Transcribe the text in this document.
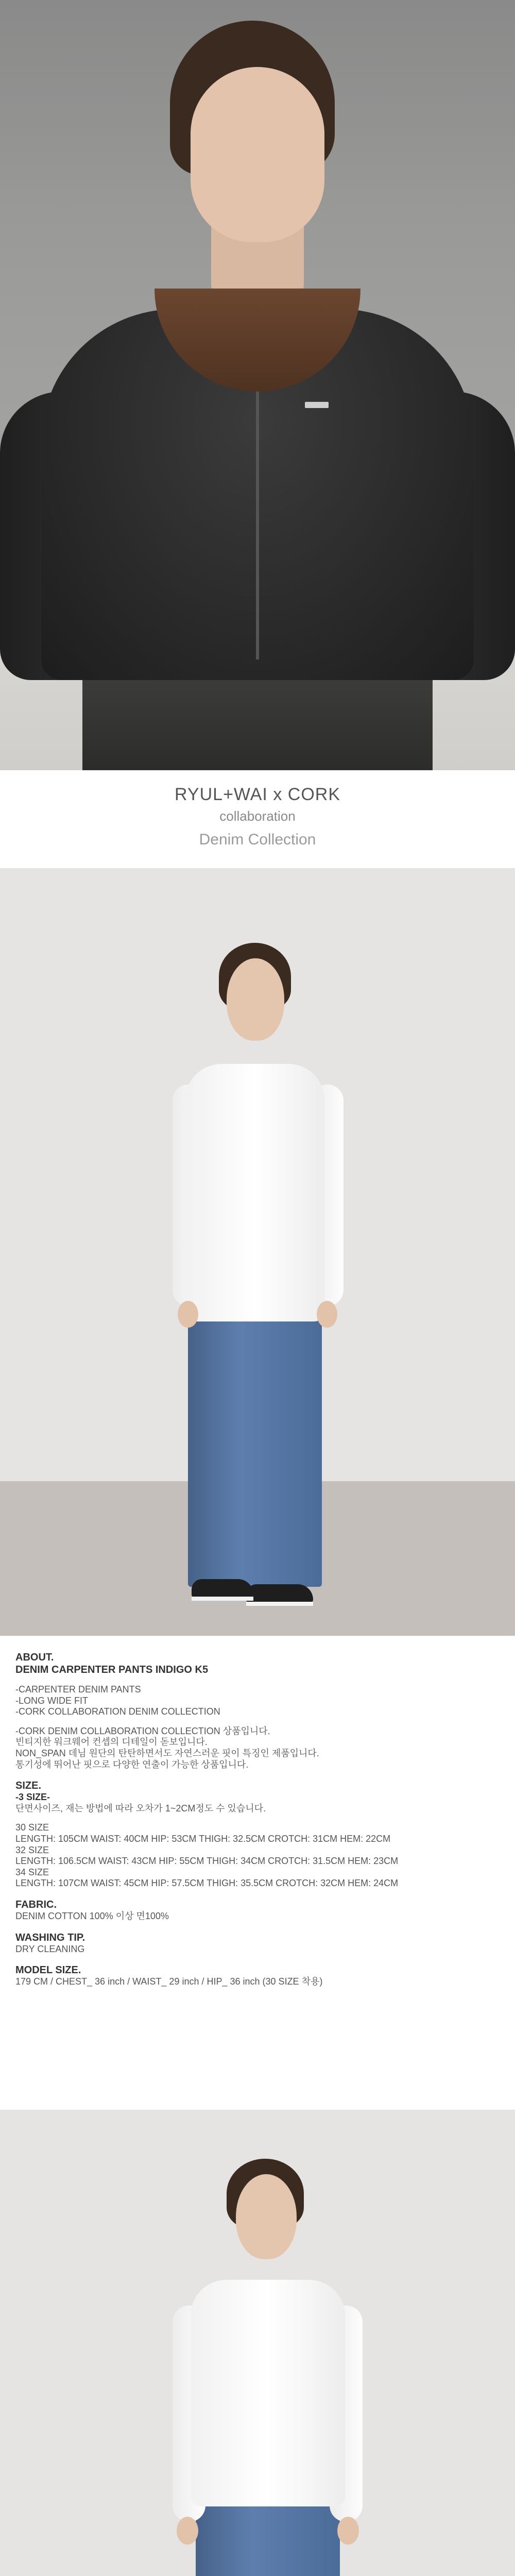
RYUL+WAI x CORK
collaboration
Denim Collection

ABOUT.

DENIM CARPENTER PANTS INDIGO K5

-CARPENTER DENIM PANTS

-LONG WIDE FIT

-CORK COLLABORATION DENIM COLLECTION

-CORK DENIM COLLABORATION COLLECTION 상품입니다.

빈티지한 워크웨어 컨셉의 디테일이 돋보입니다.

NON_SPAN 데님 원단의 탄탄하면서도 자연스러운 핏이 특징인 제품입니다.

통기성에 뛰어난 핏으로 다양한 연출이 가능한 상품입니다.

SIZE.

-3 SIZE-

단면사이즈, 재는 방법에 따라 오차가 1~2CM정도 수 있습니다.

30 SIZE

LENGTH: 105CM WAIST: 40CM HIP: 53CM THIGH: 32.5CM CROTCH: 31CM HEM: 22CM

32 SIZE

LENGTH: 106.5CM WAIST: 43CM HIP: 55CM THIGH: 34CM CROTCH: 31.5CM HEM: 23CM

34 SIZE

LENGTH: 107CM WAIST: 45CM HIP: 57.5CM THIGH: 35.5CM CROTCH: 32CM HEM: 24CM

FABRIC.

DENIM COTTON 100% 이상 면100%

WASHING TIP.

DRY CLEANING

MODEL SIZE.

179 CM / CHEST_ 36 inch / WAIST_ 29 inch / HIP_ 36 inch (30 SIZE 착용)
